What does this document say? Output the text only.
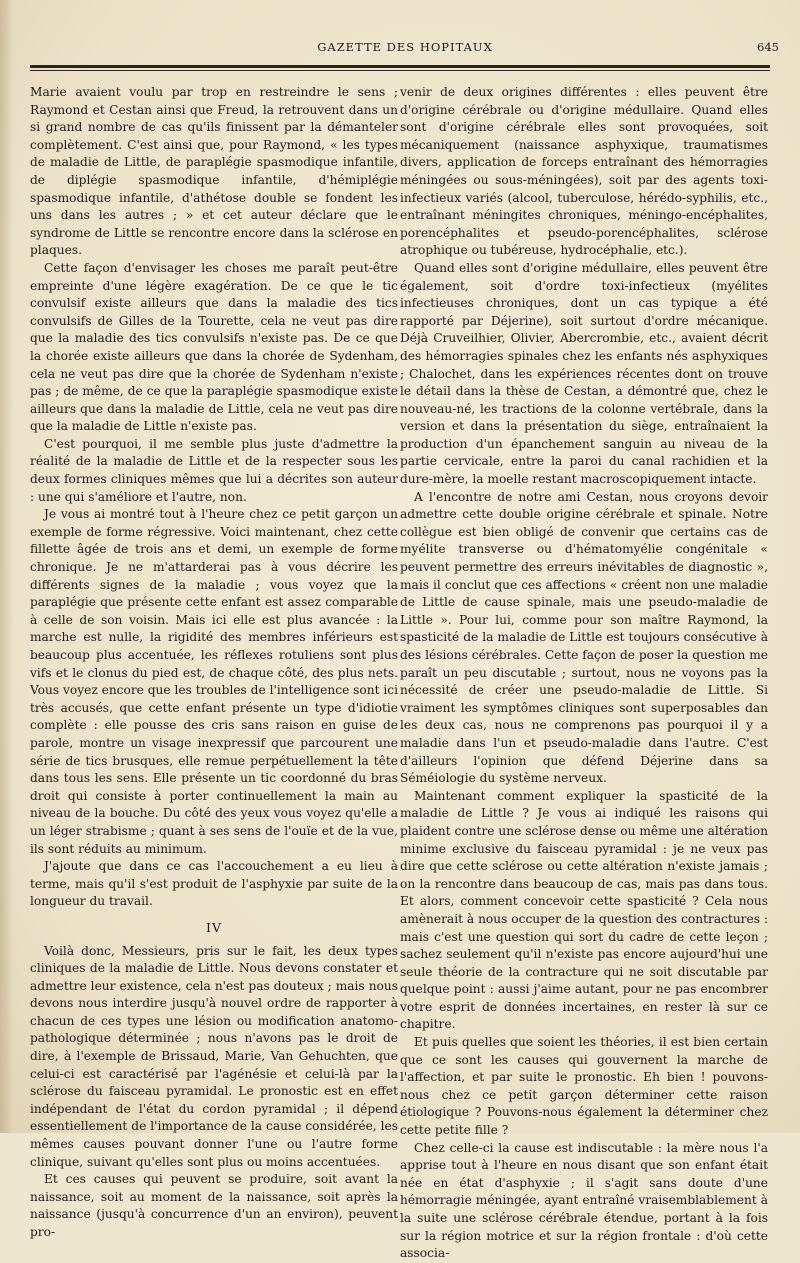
GAZETTE DES HOPITAUX	645

Marie avaient voulu par trop en restreindre le sens ; Raymond et Cestan ainsi que Freud, la retrouvent dans un si grand nombre de cas qu'ils finissent par la démanteler complètement. C'est ainsi que, pour Raymond, « les types de maladie de Little, de paraplégie spasmodique infantile, de diplégie spasmodique infantile, d'hémiplégie spasmodique infantile, d'athétose double se fondent les uns dans les autres ; » et cet auteur déclare que le syndrome de Little se rencontre encore dans la sclérose en plaques.

Cette façon d'envisager les choses me paraît peut-être empreinte d'une légère exagération. De ce que le tic convulsif existe ailleurs que dans la maladie des tics convulsifs de Gilles de la Tourette, cela ne veut pas dire que la maladie des tics convulsifs n'existe pas. De ce que la chorée existe ailleurs que dans la chorée de Sydenham, cela ne veut pas dire que la chorée de Sydenham n'existe pas ; de même, de ce que la paraplégie spasmodique existe ailleurs que dans la maladie de Little, cela ne veut pas dire que la maladie de Little n'existe pas.

C'est pourquoi, il me semble plus juste d'admettre la réalité de la maladie de Little et de la respecter sous les deux formes cliniques mêmes que lui a décrites son auteur : une qui s'améliore et l'autre, non.

Je vous ai montré tout à l'heure chez ce petit garçon un exemple de forme régressive. Voici maintenant, chez cette fillette âgée de trois ans et demi, un exemple de forme chronique. Je ne m'attarderai pas à vous décrire les différents signes de la maladie ; vous voyez que la paraplégie que présente cette enfant est assez comparable à celle de son voisin. Mais ici elle est plus avancée : la marche est nulle, la rigidité des membres inférieurs est beaucoup plus accentuée, les réflexes rotuliens sont plus vifs et le clonus du pied est, de chaque côté, des plus nets. Vous voyez encore que les troubles de l'intelligence sont ici très accusés, que cette enfant présente un type d'idiotie complète : elle pousse des cris sans raison en guise de parole, montre un visage inexpressif que parcourent une série de tics brusques, elle remue perpétuellement la tête dans tous les sens. Elle présente un tic coordonné du bras droit qui consiste à porter continuellement la main au niveau de la bouche. Du côté des yeux vous voyez qu'elle a un léger strabisme ; quant à ses sens de l'ouïe et de la vue, ils sont réduits au minimum.

J'ajoute que dans ce cas l'accouchement a eu lieu à terme, mais qu'il s'est produit de l'asphyxie par suite de la longueur du travail.

IV

Voilà donc, Messieurs, pris sur le fait, les deux types cliniques de la maladie de Little. Nous devons constater et admettre leur existence, cela n'est pas douteux ; mais nous devons nous interdire jusqu'à nouvel ordre de rapporter à chacun de ces types une lésion ou modification anatomo-pathologique déterminée ; nous n'avons pas le droit de dire, à l'exemple de Brissaud, Marie, Van Gehuchten, que celui-ci est caractérisé par l'agénésie et celui-là par la sclérose du faisceau pyramidal. Le pronostic est en effet indépendant de l'état du cordon pyramidal ; il dépend essentiellement de l'importance de la cause considérée, les mêmes causes pouvant donner l'une ou l'autre forme clinique, suivant qu'elles sont plus ou moins accentuées.

Et ces causes qui peuvent se produire, soit avant la naissance, soit au moment de la naissance, soit après la naissance (jusqu'à concurrence d'un an environ), peuvent pro-

venir de deux origines différentes : elles peuvent être d'origine cérébrale ou d'origine médullaire. Quand elles sont d'origine cérébrale elles sont provoquées, soit mécaniquement (naissance asphyxique, traumatismes divers, application de forceps entraînant des hémorragies méningées ou sous-méningées), soit par des agents toxi-infectieux variés (alcool, tuberculose, hérédo-syphilis, etc., entraînant méningites chroniques, méningo-encéphalites, porencéphalites et pseudo-porencéphalites, sclérose atrophique ou tubéreuse, hydrocéphalie, etc.).

Quand elles sont d'origine médullaire, elles peuvent être également, soit d'ordre toxi-infectieux (myélites infectieuses chroniques, dont un cas typique a été rapporté par Déjerine), soit surtout d'ordre mécanique. Déjà Cruveilhier, Olivier, Abercrombie, etc., avaient décrit des hémorragies spinales chez les enfants nés asphyxiques ; Chalochet, dans les expériences récentes dont on trouve le détail dans la thèse de Cestan, a démontré que, chez le nouveau-né, les tractions de la colonne vertébrale, dans la version et dans la présentation du siège, entraînaient la production d'un épanchement sanguin au niveau de la partie cervicale, entre la paroi du canal rachidien et la dure-mère, la moelle restant macroscopiquement intacte.

A l'encontre de notre ami Cestan, nous croyons devoir admettre cette double origine cérébrale et spinale. Notre collègue est bien obligé de convenir que certains cas de myélite transverse ou d'hématomyélie congénitale « peuvent permettre des erreurs inévitables de diagnostic », mais il conclut que ces affections « créent non une maladie de Little de cause spinale, mais une pseudo-maladie de Little ». Pour lui, comme pour son maître Raymond, la spasticité de la maladie de Little est toujours consécutive à des lésions cérébrales. Cette façon de poser la question me paraît un peu discutable ; surtout, nous ne voyons pas la nécessité de créer une pseudo-maladie de Little. Si vraiment les symptômes cliniques sont superposables dan les deux cas, nous ne comprenons pas pourquoi il y a maladie dans l'un et pseudo-maladie dans l'autre. C'est d'ailleurs l'opinion que défend Déjerine dans sa Séméiologie du système nerveux.

Maintenant comment expliquer la spasticité de la maladie de Little ? Je vous ai indiqué les raisons qui plaident contre une sclérose dense ou même une altération minime exclusive du faisceau pyramidal : je ne veux pas dire que cette sclérose ou cette altération n'existe jamais ; on la rencontre dans beaucoup de cas, mais pas dans tous. Et alors, comment concevoir cette spasticité ? Cela nous amènerait à nous occuper de la question des contractures : mais c'est une question qui sort du cadre de cette leçon ; sachez seulement qu'il n'existe pas encore aujourd'hui une seule théorie de la contracture qui ne soit discutable par quelque point : aussi j'aime autant, pour ne pas encombrer votre esprit de données incertaines, en rester là sur ce chapitre.

Et puis quelles que soient les théories, il est bien certain que ce sont les causes qui gouvernent la marche de l'affection, et par suite le pronostic. Eh bien ! pouvons-nous chez ce petit garçon déterminer cette raison étiologique ? Pouvons-nous également la déterminer chez cette petite fille ?

Chez celle-ci la cause est indiscutable : la mère nous l'a apprise tout à l'heure en nous disant que son enfant était née en état d'asphyxie ; il s'agit sans doute d'une hémorragie méningée, ayant entraîné vraisemblablement à la suite une sclérose cérébrale étendue, portant à la fois sur la région motrice et sur la région frontale : d'où cette associa-
